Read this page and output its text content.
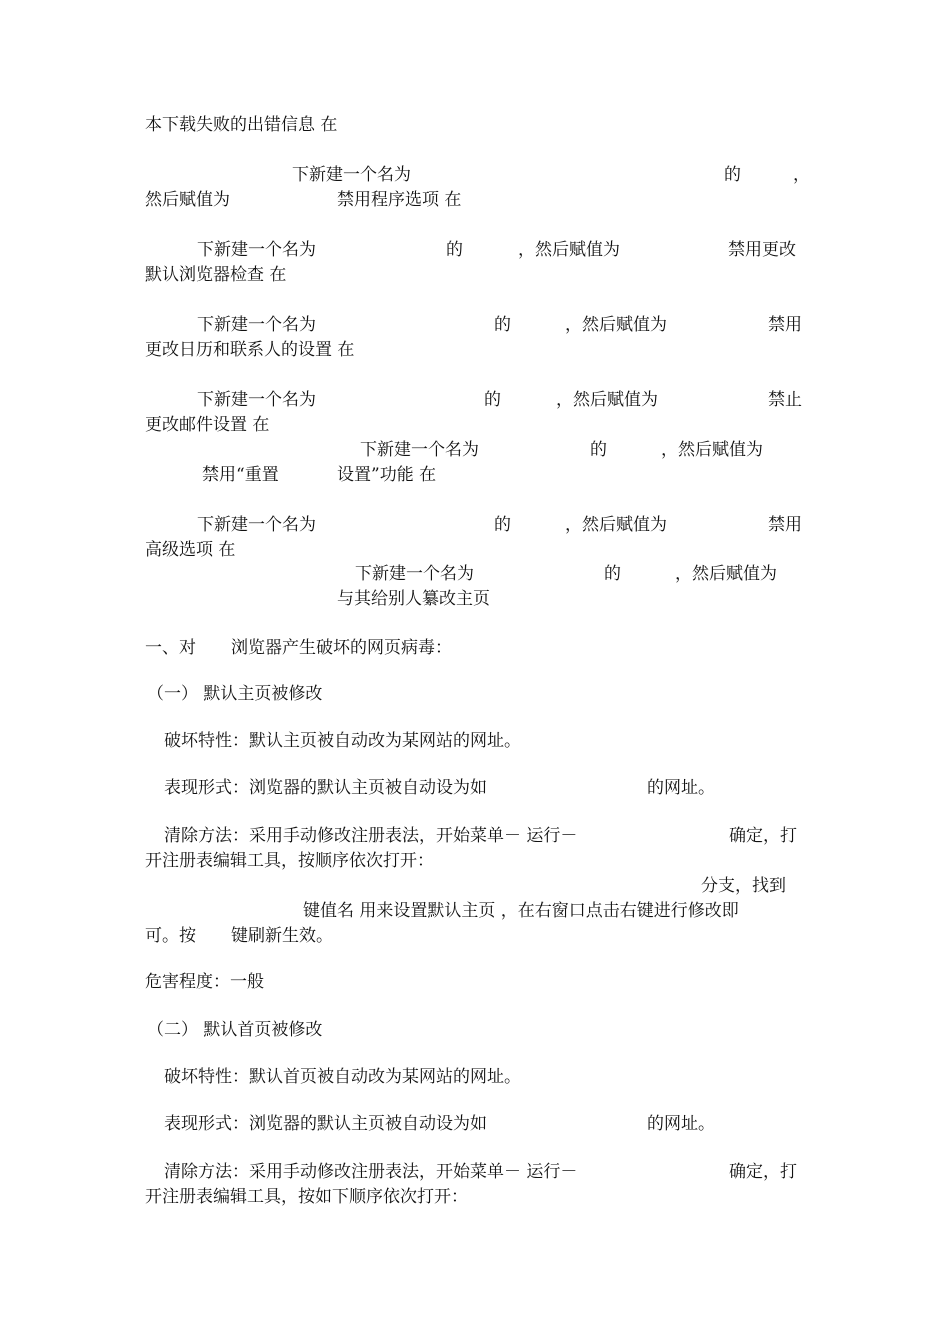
本下载失败的出错信息 在
下新建一个名为	的	，
然后赋值为	禁用程序选项 在
下新建一个名为	的	，然后赋值为	禁用更改
默认浏览器检查 在
下新建一个名为	的	，然后赋值为	禁用
更改日历和联系人的设置 在
下新建一个名为	的	，然后赋值为	禁止
更改邮件设置 在
下新建一个名为	的	，然后赋值为
禁用“重置	设置”功能 在
下新建一个名为	的	，然后赋值为	禁用
高级选项 在
下新建一个名为	的	，然后赋值为
与其给别人纂改主页
一、对 浏览器产生破坏的网页病毒：
（一） 默认主页被修改
破坏特性：默认主页被自动改为某网站的网址。
表现形式：浏览器的默认主页被自动设为如	的网址。
清除方法：采用手动修改注册表法，开始菜单－ 运行－	确定，打
开注册表编辑工具，按顺序依次打开：
分支，找到
键值名 用来设置默认主页 ，在右窗口点击右键进行修改即
可。按 键刷新生效。
危害程度：一般
（二） 默认首页被修改
破坏特性：默认首页被自动改为某网站的网址。
表现形式：浏览器的默认主页被自动设为如	的网址。
清除方法：采用手动修改注册表法，开始菜单－ 运行－	确定，打
开注册表编辑工具，按如下顺序依次打开：
